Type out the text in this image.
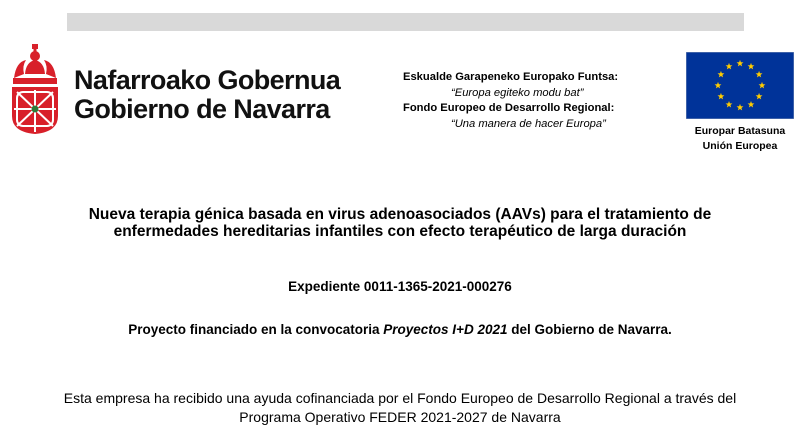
Nafarroako Gobernua
Gobierno de Navarra
Eskualde Garapeneko Europako Funtsa:
“Europa egiteko modu bat”
Fondo Europeo de Desarrollo Regional:
“Una manera de hacer Europa”
Europar Batasuna
Unión Europea
Nueva terapia génica basada en virus adenoasociados (AAVs) para el tratamiento de enfermedades hereditarias infantiles con efecto terapéutico de larga duración
Expediente 0011-1365-2021-000276
Proyecto financiado en la convocatoria Proyectos I+D 2021 del Gobierno de Navarra.
Esta empresa ha recibido una ayuda cofinanciada por el Fondo Europeo de Desarrollo Regional a través del Programa Operativo FEDER 2021-2027 de Navarra
